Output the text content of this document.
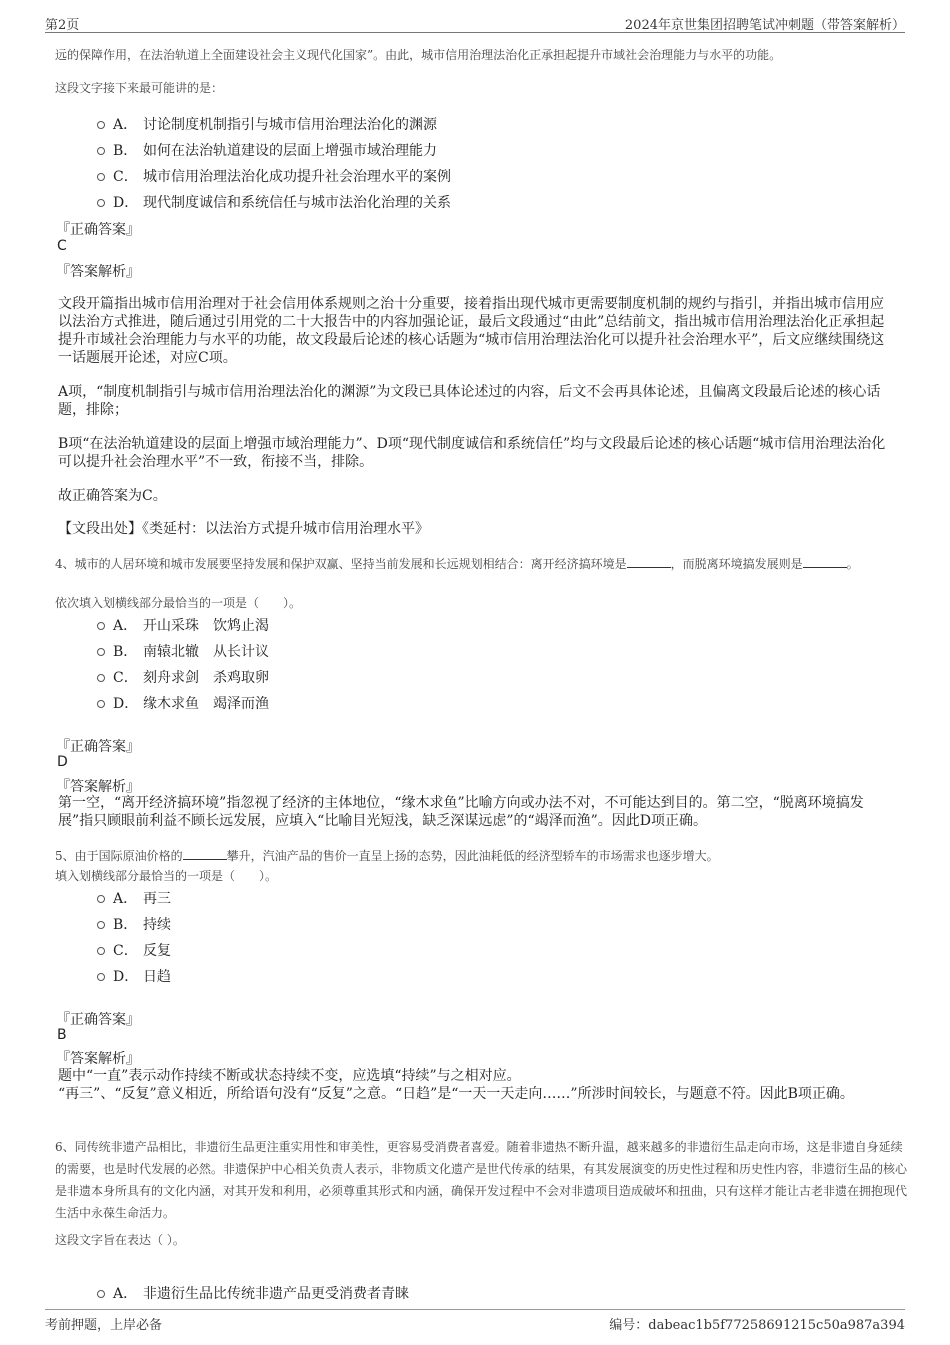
第2页	2024年京世集团招聘笔试冲刺题（带答案解析）
远的保障作用，在法治轨道上全面建设社会主义现代化国家”。由此，城市信用治理法治化正承担起提升市域社会治理能力与水平的功能。
这段文字接下来最可能讲的是：
A． 讨论制度机制指引与城市信用治理法治化的渊源
B． 如何在法治轨道建设的层面上增强市域治理能力
C． 城市信用治理法治化成功提升社会治理水平的案例
D． 现代制度诚信和系统信任与城市法治化治理的关系
『正确答案』
C
『答案解析』
文段开篇指出城市信用治理对于社会信用体系规则之治十分重要，接着指出现代城市更需要制度机制的规约与指引，并指出城市信用应以法治方式推进，随后通过引用党的二十大报告中的内容加强论证，最后文段通过“由此”总结前文，指出城市信用治理法治化正承担起提升市域社会治理能力与水平的功能，故文段最后论述的核心话题为“城市信用治理法治化可以提升社会治理水平”，后文应继续围绕这一话题展开论述，对应C项。
A项，“制度机制指引与城市信用治理法治化的渊源”为文段已具体论述过的内容，后文不会再具体论述，且偏离文段最后论述的核心话题，排除；
B项“在法治轨道建设的层面上增强市域治理能力”、D项“现代制度诚信和系统信任”均与文段最后论述的核心话题“城市信用治理法治化可以提升社会治理水平”不一致，衔接不当，排除。
故正确答案为C。
【文段出处】《类延村：以法治方式提升城市信用治理水平》
4、城市的人居环境和城市发展要坚持发展和保护双赢、坚持当前发展和长远规划相结合：离开经济搞环境是	，而脱离环境搞发展则是	。
依次填入划横线部分最恰当的一项是（　　）。
A． 开山采珠　饮鸩止渴
B． 南辕北辙　从长计议
C． 刻舟求剑　杀鸡取卵
D． 缘木求鱼　竭泽而渔
『正确答案』
D
『答案解析』
第一空，“离开经济搞环境”指忽视了经济的主体地位，“缘木求鱼”比喻方向或办法不对，不可能达到目的。第二空，“脱离环境搞发展”指只顾眼前利益不顾长远发展，应填入“比喻目光短浅，缺乏深谋远虑”的“竭泽而渔”。因此D项正确。
5、由于国际原油价格的	攀升，汽油产品的售价一直呈上扬的态势，因此油耗低的经济型轿车的市场需求也逐步增大。
填入划横线部分最恰当的一项是（　　）。
A． 再三
B． 持续
C． 反复
D． 日趋
『正确答案』
B
『答案解析』
题中“一直”表示动作持续不断或状态持续不变，应选填“持续”与之相对应。
“再三”、“反复”意义相近，所给语句没有“反复”之意。“日趋”是“一天一天走向……”所涉时间较长，与题意不符。因此B项正确。
6、同传统非遗产品相比，非遗衍生品更注重实用性和审美性，更容易受消费者喜爱。随着非遗热不断升温，越来越多的非遗衍生品走向市场，这是非遗自身延续的需要，也是时代发展的必然。非遗保护中心相关负责人表示，非物质文化遗产是世代传承的结果，有其发展演变的历史性过程和历史性内容，非遗衍生品的核心是非遗本身所具有的文化内涵，对其开发和利用，必须尊重其形式和内涵，确保开发过程中不会对非遗项目造成破坏和扭曲，只有这样才能让古老非遗在拥抱现代生活中永葆生命活力。
这段文字旨在表达（ ）。
A． 非遗衍生品比传统非遗产品更受消费者青睐
考前押题，上岸必备	编号：dabeac1b5f77258691215c50a987a394
